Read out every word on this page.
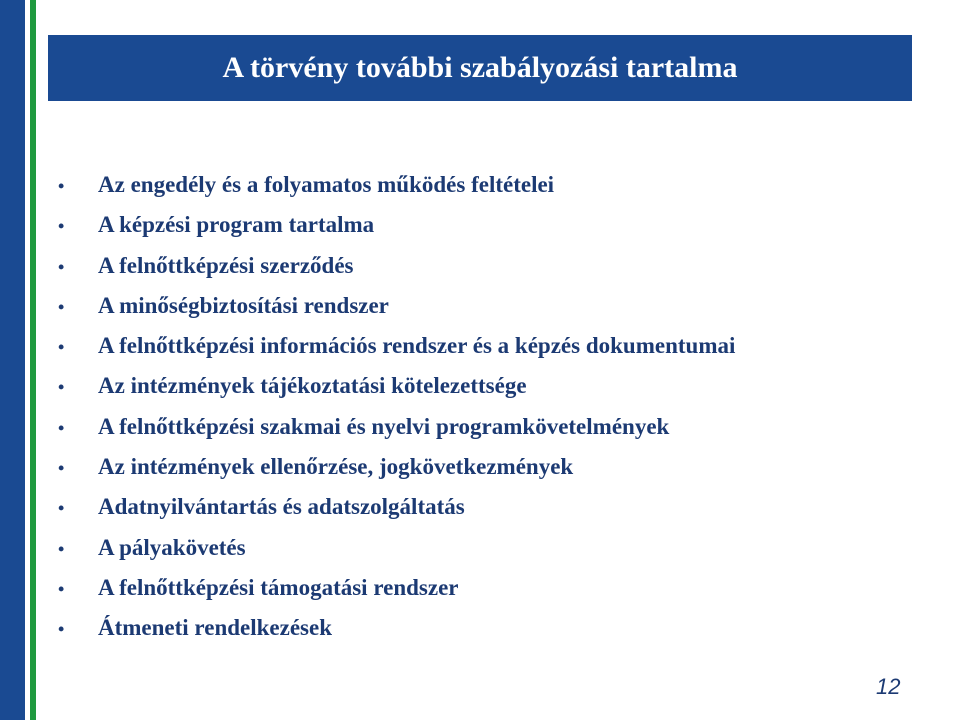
A törvény további szabályozási tartalma
•	Az engedély és a folyamatos működés feltételei
•	A képzési program tartalma
•	A felnőttképzési szerződés
•	A minőségbiztosítási rendszer
•	A felnőttképzési információs rendszer és a képzés dokumentumai
•	Az intézmények tájékoztatási kötelezettsége
•	A felnőttképzési szakmai és nyelvi programkövetelmények
•	Az intézmények ellenőrzése, jogkövetkezmények
•	Adatnyilvántartás és adatszolgáltatás
•	A pályakövetés
•	A felnőttképzési támogatási rendszer
•	Átmeneti rendelkezések
12
